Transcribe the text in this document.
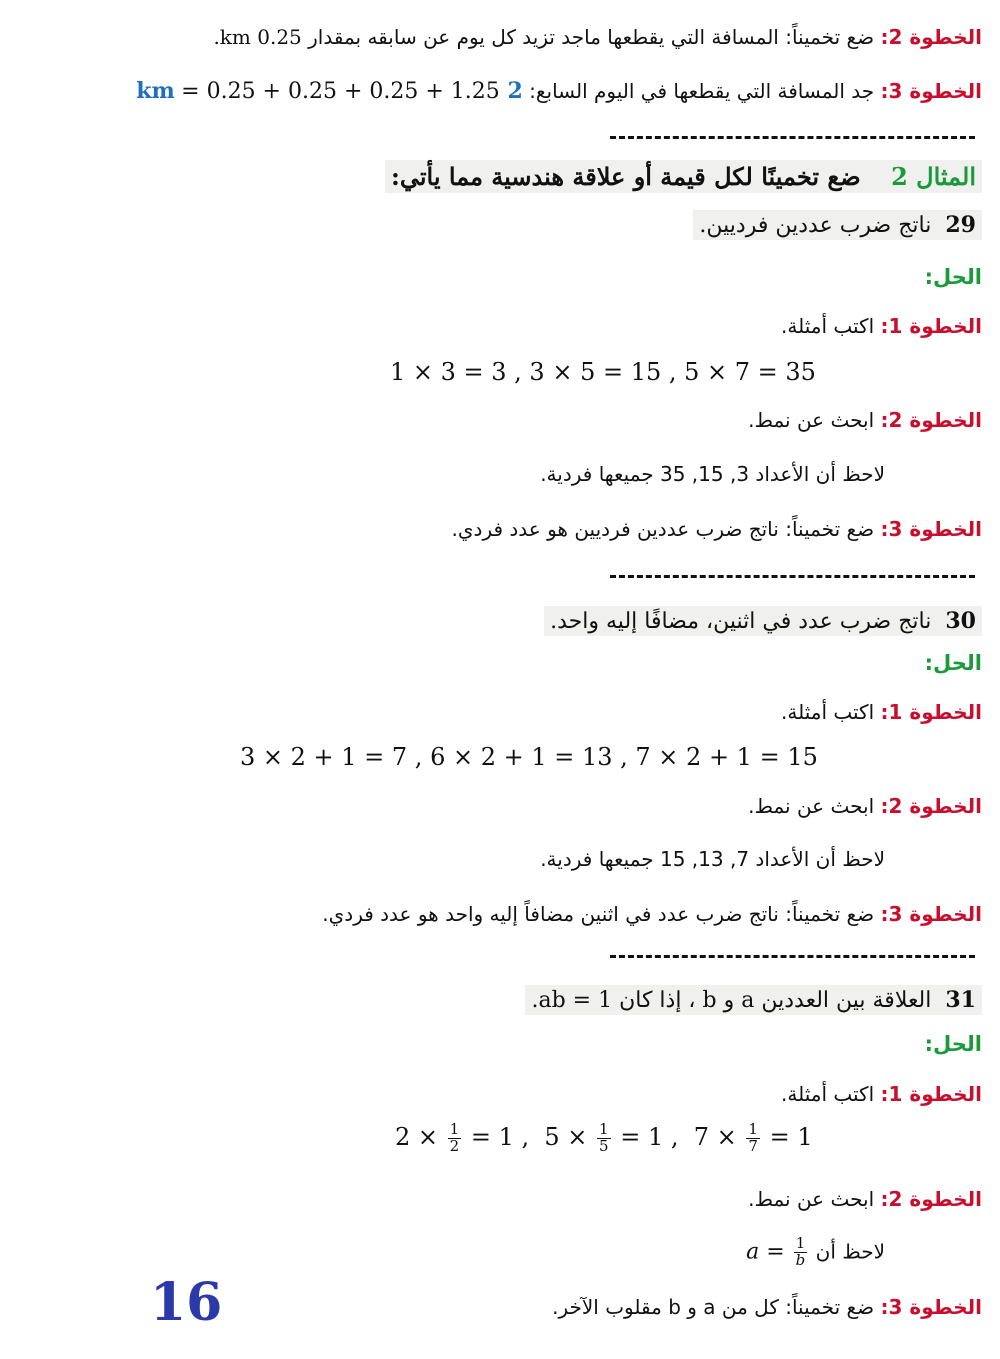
الخطوة 2: ضع تخميناً: المسافة التي يقطعها ماجد تزيد كل يوم عن سابقه بمقدار 0.25 km.
الخطوة 3: جد المسافة التي يقطعها في اليوم السابع: 2 km = 0.25 + 0.25 + 0.25 + 1.25
المثال 2    ضع تخمينًا لكل قيمة أو علاقة هندسية مما يأتي:
29  ناتج ضرب عددين فرديين.
الحل:
الخطوة 1: اكتب أمثلة.
1 × 3 = 3 , 3 × 5 = 15 , 5 × 7 = 35
الخطوة 2: ابحث عن نمط.
لاحظ أن الأعداد 3, 15, 35 جميعها فردية.
الخطوة 3: ضع تخميناً: ناتج ضرب عددين فرديين هو عدد فردي.
30  ناتج ضرب عدد في اثنين، مضافًا إليه واحد.
الحل:
الخطوة 1: اكتب أمثلة.
3 × 2 + 1 = 7 , 6 × 2 + 1 = 13 , 7 × 2 + 1 = 15
الخطوة 2: ابحث عن نمط.
لاحظ أن الأعداد 7, 13, 15 جميعها فردية.
الخطوة 3: ضع تخميناً: ناتج ضرب عدد في اثنين مضافاً إليه واحد هو عدد فردي.
31  العلاقة بين العددين a و b ، إذا كان ab = 1.
الحل:
الخطوة 1: اكتب أمثلة.
$2 \times \frac{1}{2} = 1$ , $5 \times \frac{1}{5} = 1$ , $7 \times \frac{1}{7} = 1$
الخطوة 2: ابحث عن نمط.
لاحظ أن $a = \frac{1}{b}$
الخطوة 3: ضع تخميناً: كل من a و b مقلوب الآخر.
16
